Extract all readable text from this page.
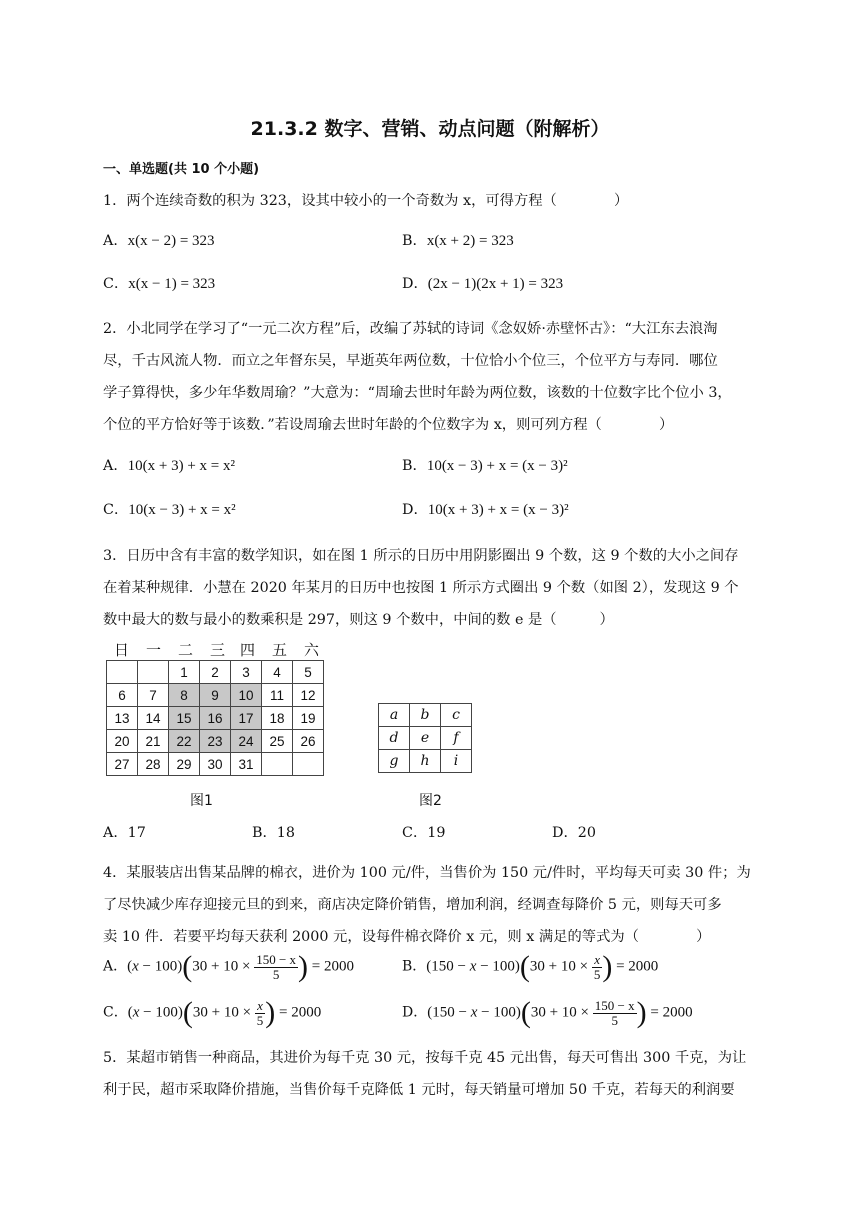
21.3.2 数字、营销、动点问题（附解析）
一、单选题(共 10 个小题)
1．两个连续奇数的积为 323，设其中较小的一个奇数为 x，可得方程（　　　　）
A．x(x − 2) = 323	B．x(x + 2) = 323
C．x(x − 1) = 323	D．(2x − 1)(2x + 1) = 323
2．小北同学在学习了“一元二次方程”后，改编了苏轼的诗词《念奴娇·赤壁怀古》：“大江东去浪淘
尽，千古风流人物．而立之年督东吴，早逝英年两位数，十位恰小个位三，个位平方与寿同．哪位
学子算得快，多少年华数周瑜？”大意为：“周瑜去世时年龄为两位数，该数的十位数字比个位小 3，
个位的平方恰好等于该数．”若设周瑜去世时年龄的个位数字为 x，则可列方程（　　　　）
A．10(x + 3) + x = x²	B．10(x − 3) + x = (x − 3)²
C．10(x − 3) + x = x²	D．10(x + 3) + x = (x − 3)²
3．日历中含有丰富的数学知识，如在图 1 所示的日历中用阴影圈出 9 个数，这 9 个数的大小之间存
在着某种规律．小慧在 2020 年某月的日历中也按图 1 所示方式圈出 9 个数（如图 2），发现这 9 个
数中最大的数与最小的数乘积是 297，则这 9 个数中，中间的数 e 是（　　　）
日 一 二 三 四 五 六
		1	2	3	4	5
6	7	8	9	10	11	12
13	14	15	16	17	18	19
20	21	22	23	24	25	26
27	28	29	30	31		
图1
a	b	c
d	e	f
g	h	i
图2
A．17	B．18	C．19	D．20
4．某服装店出售某品牌的棉衣，进价为 100 元/件，当售价为 150 元/件时，平均每天可卖 30 件；为
了尽快减少库存迎接元旦的到来，商店决定降价销售，增加利润，经调查每降价 5 元，则每天可多
卖 10 件．若要平均每天获利 2000 元，设每件棉衣降价 x 元，则 x 满足的等式为（　　　　）
A．$(x - 100)(30 + 10 \times \frac{150 - x}{5}$ ) = 2000	B．$(150 - x - 100)(30 + 10 \times \frac{x}{5}$ ) = 2000
C．$(x - 100)(30 + 10 \times \frac{x}{5}$ ) = 2000	D．$(150 - x - 100)(30 + 10 \times \frac{150 - x}{5}$ ) = 2000
5．某超市销售一种商品，其进价为每千克 30 元，按每千克 45 元出售，每天可售出 300 千克，为让
利于民，超市采取降价措施，当售价每千克降低 1 元时，每天销量可增加 50 千克，若每天的利润要
